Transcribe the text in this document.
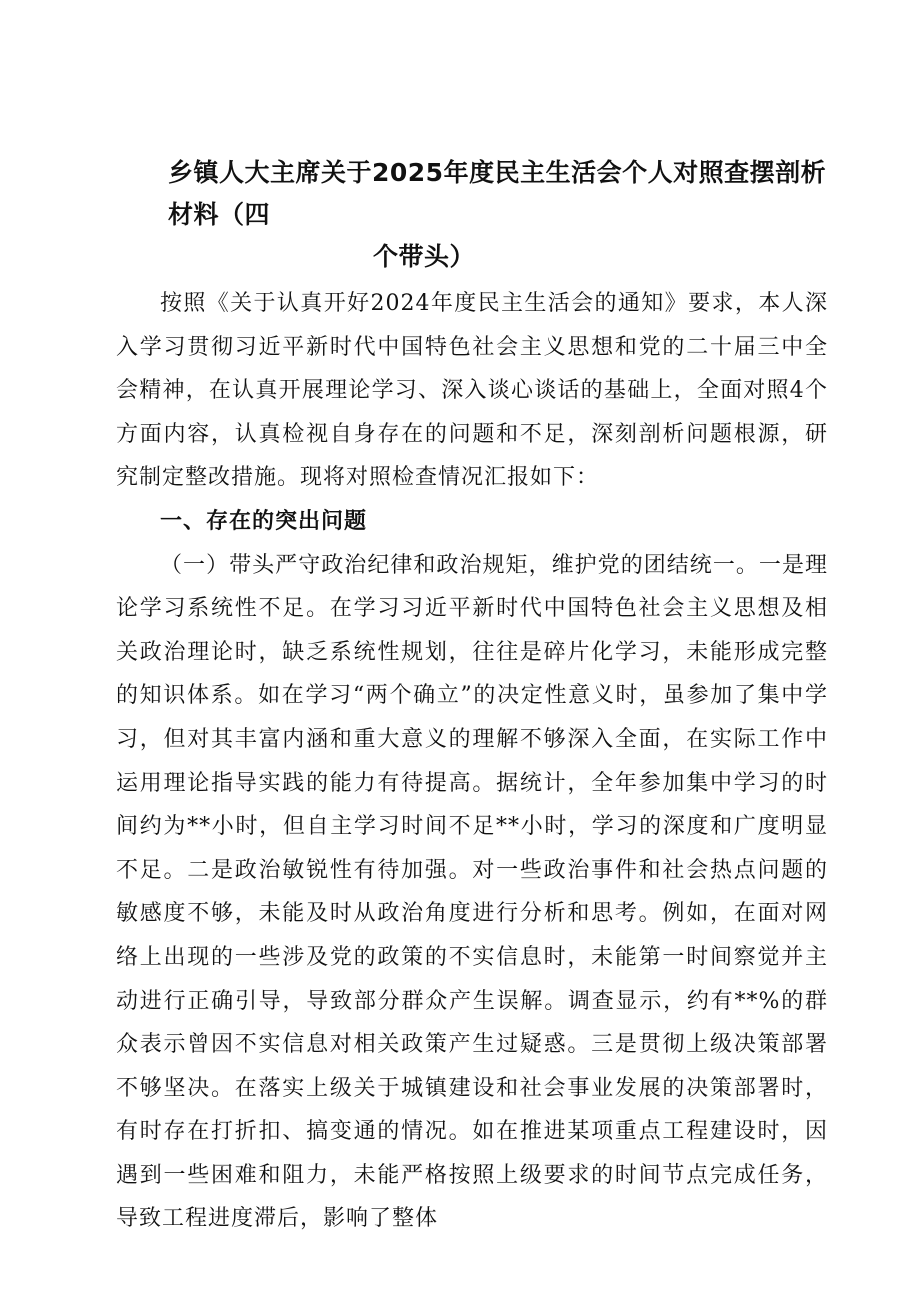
乡镇人大主席关于2025年度民主生活会个人对照查摆剖析材料（四
个带头）

按照《关于认真开好2024年度民主生活会的通知》要求，本人深入学习贯彻习近平新时代中国特色社会主义思想和党的二十届三中全会精神，在认真开展理论学习、深入谈心谈话的基础上，全面对照4个方面内容，认真检视自身存在的问题和不足，深刻剖析问题根源，研究制定整改措施。现将对照检查情况汇报如下：

一、存在的突出问题

（一）带头严守政治纪律和政治规矩，维护党的团结统一。一是理论学习系统性不足。在学习习近平新时代中国特色社会主义思想及相关政治理论时，缺乏系统性规划，往往是碎片化学习，未能形成完整的知识体系。如在学习“两个确立”的决定性意义时，虽参加了集中学习，但对其丰富内涵和重大意义的理解不够深入全面，在实际工作中运用理论指导实践的能力有待提高。据统计，全年参加集中学习的时间约为**小时，但自主学习时间不足**小时，学习的深度和广度明显不足。二是政治敏锐性有待加强。对一些政治事件和社会热点问题的敏感度不够，未能及时从政治角度进行分析和思考。例如，在面对网络上出现的一些涉及党的政策的不实信息时，未能第一时间察觉并主动进行正确引导，导致部分群众产生误解。调查显示，约有**%的群众表示曾因不实信息对相关政策产生过疑惑。三是贯彻上级决策部署不够坚决。在落实上级关于城镇建设和社会事业发展的决策部署时，有时存在打折扣、搞变通的情况。如在推进某项重点工程建设时，因遇到一些困难和阻力，未能严格按照上级要求的时间节点完成任务，导致工程进度滞后，影响了整体
